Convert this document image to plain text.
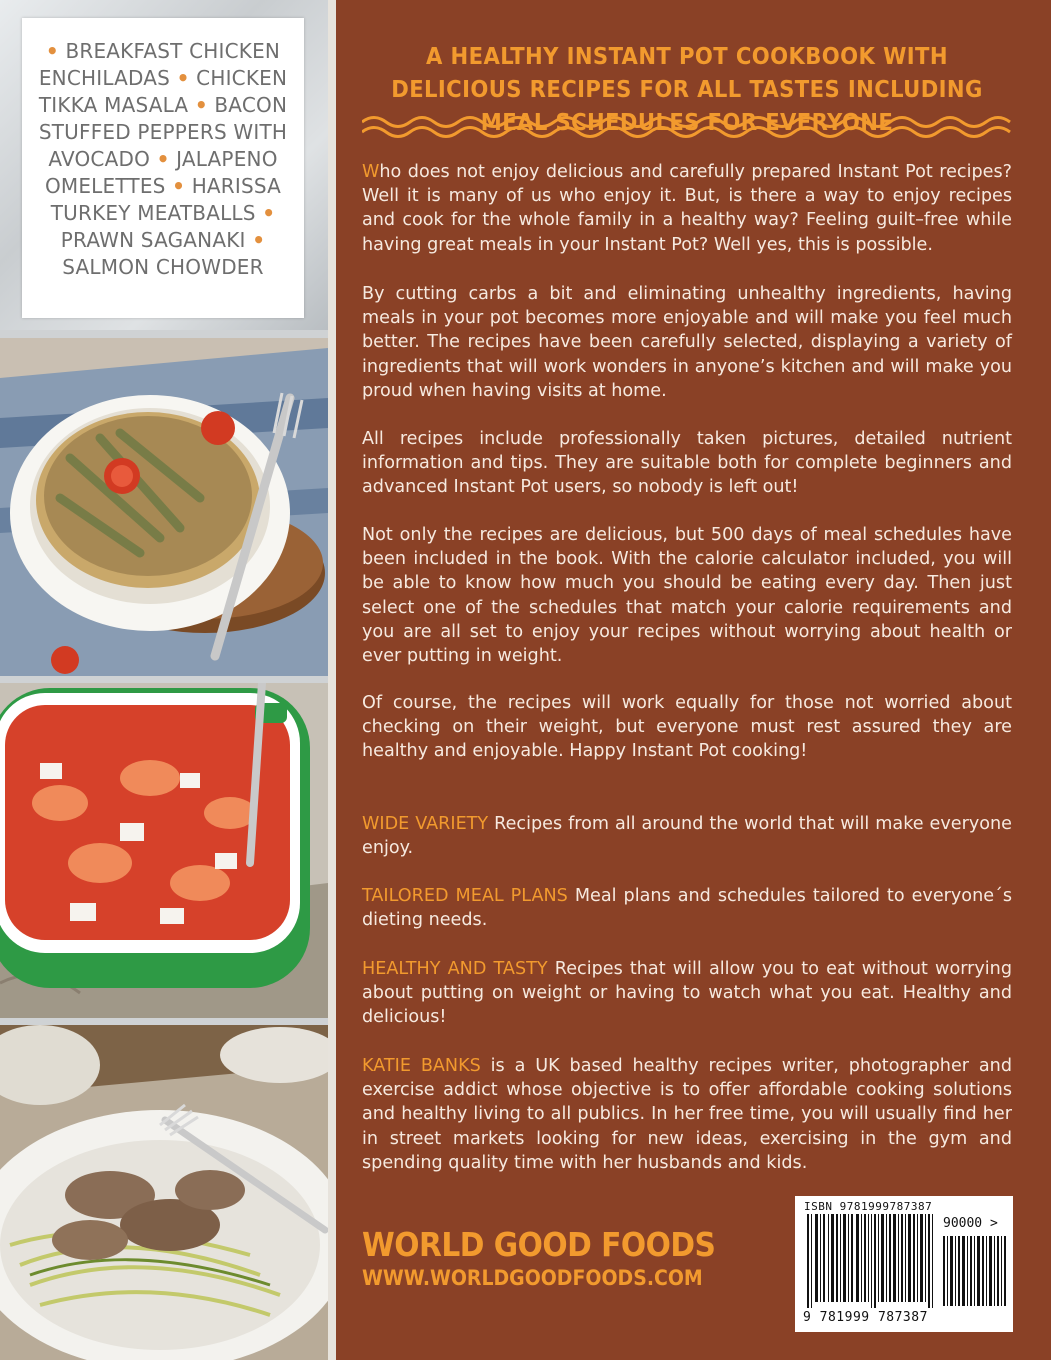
• BREAKFAST CHICKEN ENCHILADAS • CHICKEN TIKKA MASALA • BACON STUFFED PEPPERS WITH AVOCADO • JALAPENO OMELETTES • HARISSA TURKEY MEATBALLS • PRAWN SAGANAKI • SALMON CHOWDER
A HEALTHY INSTANT POT COOKBOOK WITH DELICIOUS RECIPES FOR ALL TASTES INCLUDING MEAL SCHEDULES FOR EVERYONE
Who does not enjoy delicious and carefully prepared Instant Pot recipes? Well it is many of us who enjoy it. But, is there a way to enjoy recipes and cook for the whole family in a healthy way? Feeling guilt–free while having great meals in your Instant Pot? Well yes, this is possible.
By cutting carbs a bit and eliminating unhealthy ingredients, having meals in your pot becomes more enjoyable and will make you feel much better. The recipes have been carefully selected, displaying a variety of ingredients that will work wonders in anyone’s kitchen and will make you proud when having visits at home.
All recipes include professionally taken pictures, detailed nutrient information and tips. They are suitable both for complete beginners and advanced Instant Pot users, so nobody is left out!
Not only the recipes are delicious, but 500 days of meal schedules have been included in the book. With the calorie calculator included, you will be able to know how much you should be eating every day. Then just select one of the schedules that match your calorie requirements and you are all set to enjoy your recipes without worrying about health or ever putting in weight.
Of course, the recipes will work equally for those not worried about checking on their weight, but everyone must rest assured they are healthy and enjoyable. Happy Instant Pot cooking!
WIDE VARIETY Recipes from all around the world that will make everyone enjoy.
TAILORED MEAL PLANS Meal plans and schedules tailored to everyone´s dieting needs.
HEALTHY AND TASTY Recipes that will allow you to eat without worrying about putting on weight or having to watch what you eat. Healthy and delicious!
KATIE BANKS is a UK based healthy recipes writer, photographer and exercise addict whose objective is to offer affordable cooking solutions and healthy living to all publics. In her free time, you will usually find her in street markets looking for new ideas, exercising in the gym and spending quality time with her husbands and kids.
WORLD GOOD FOODS
WWW.WORLDGOODFOODS.COM
ISBN 9781999787387
90000 >
9 781999 787387
